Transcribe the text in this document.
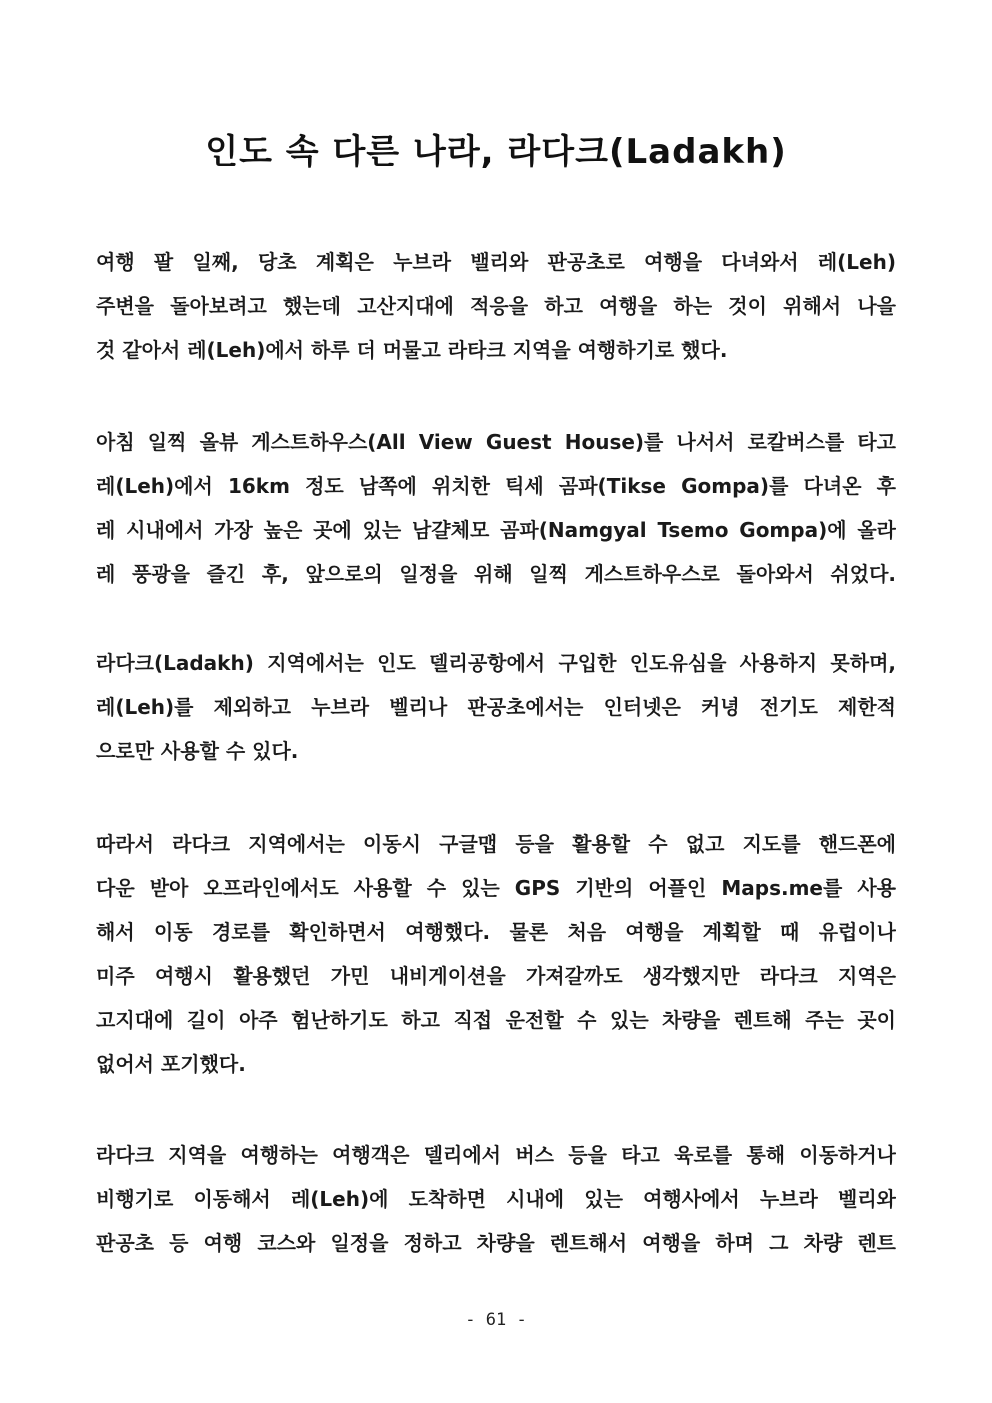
인도 속 다른 나라, 라다크(Ladakh)
여행 팔 일째, 당초 계획은 누브라 밸리와 판공초로 여행을 다녀와서 레(Leh)
주변을 돌아보려고 했는데 고산지대에 적응을 하고 여행을 하는 것이 위해서 나을
것 같아서 레(Leh)에서 하루 더 머물고 라타크 지역을 여행하기로 했다.
아침 일찍 올뷰 게스트하우스(All View Guest House)를 나서서 로칼버스를 타고
레(Leh)에서 16km 정도 남쪽에 위치한 틱세 곰파(Tikse Gompa)를 다녀온 후
레 시내에서 가장 높은 곳에 있는 남걀체모 곰파(Namgyal Tsemo Gompa)에 올라
레 풍광을 즐긴 후, 앞으로의 일정을 위해 일찍 게스트하우스로 돌아와서 쉬었다.
라다크(Ladakh) 지역에서는 인도 델리공항에서 구입한 인도유심을 사용하지 못하며,
레(Leh)를 제외하고 누브라 벨리나 판공초에서는 인터넷은 커녕 전기도 제한적
으로만 사용할 수 있다.
따라서 라다크 지역에서는 이동시 구글맵 등을 활용할 수 없고 지도를 핸드폰에
다운 받아 오프라인에서도 사용할 수 있는 GPS 기반의 어플인 Maps.me를 사용
해서 이동 경로를 확인하면서 여행했다. 물론 처음 여행을 계획할 때 유럽이나
미주 여행시 활용했던 가민 내비게이션을 가져갈까도 생각했지만 라다크 지역은
고지대에 길이 아주 험난하기도 하고 직접 운전할 수 있는 차량을 렌트해 주는 곳이
없어서 포기했다.
라다크 지역을 여행하는 여행객은 델리에서 버스 등을 타고 육로를 통해 이동하거나
비행기로 이동해서 레(Leh)에 도착하면 시내에 있는 여행사에서 누브라 벨리와
판공초 등 여행 코스와 일정을 정하고 차량을 렌트해서 여행을 하며 그 차량 렌트
- 61 -
